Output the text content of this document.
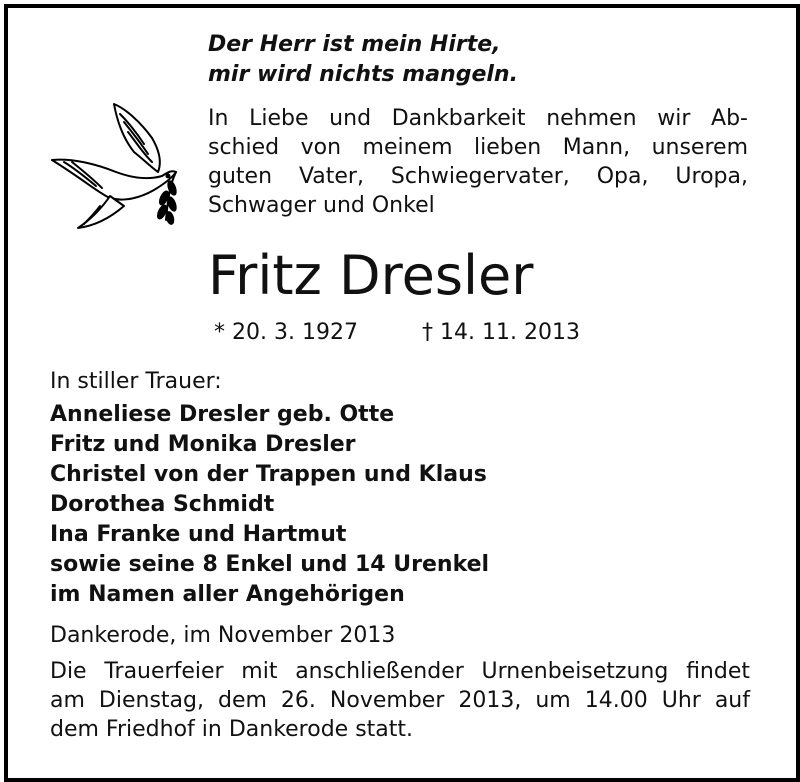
Der Herr ist mein Hirte,
mir wird nichts mangeln.
In Liebe und Dankbarkeit nehmen wir Ab-
schied von meinem lieben Mann, unserem
guten Vater, Schwiegervater, Opa, Uropa,
Schwager und Onkel
Fritz Dresler
* 20. 3. 1927	† 14. 11. 2013
In stiller Trauer:
Anneliese Dresler geb. Otte
Fritz und Monika Dresler
Christel von der Trappen und Klaus
Dorothea Schmidt
Ina Franke und Hartmut
sowie seine 8 Enkel und 14 Urenkel
im Namen aller Angehörigen
Dankerode, im November 2013
Die Trauerfeier mit anschließender Urnenbeisetzung findet
am Dienstag, dem 26. November 2013, um 14.00 Uhr auf
dem Friedhof in Dankerode statt.
